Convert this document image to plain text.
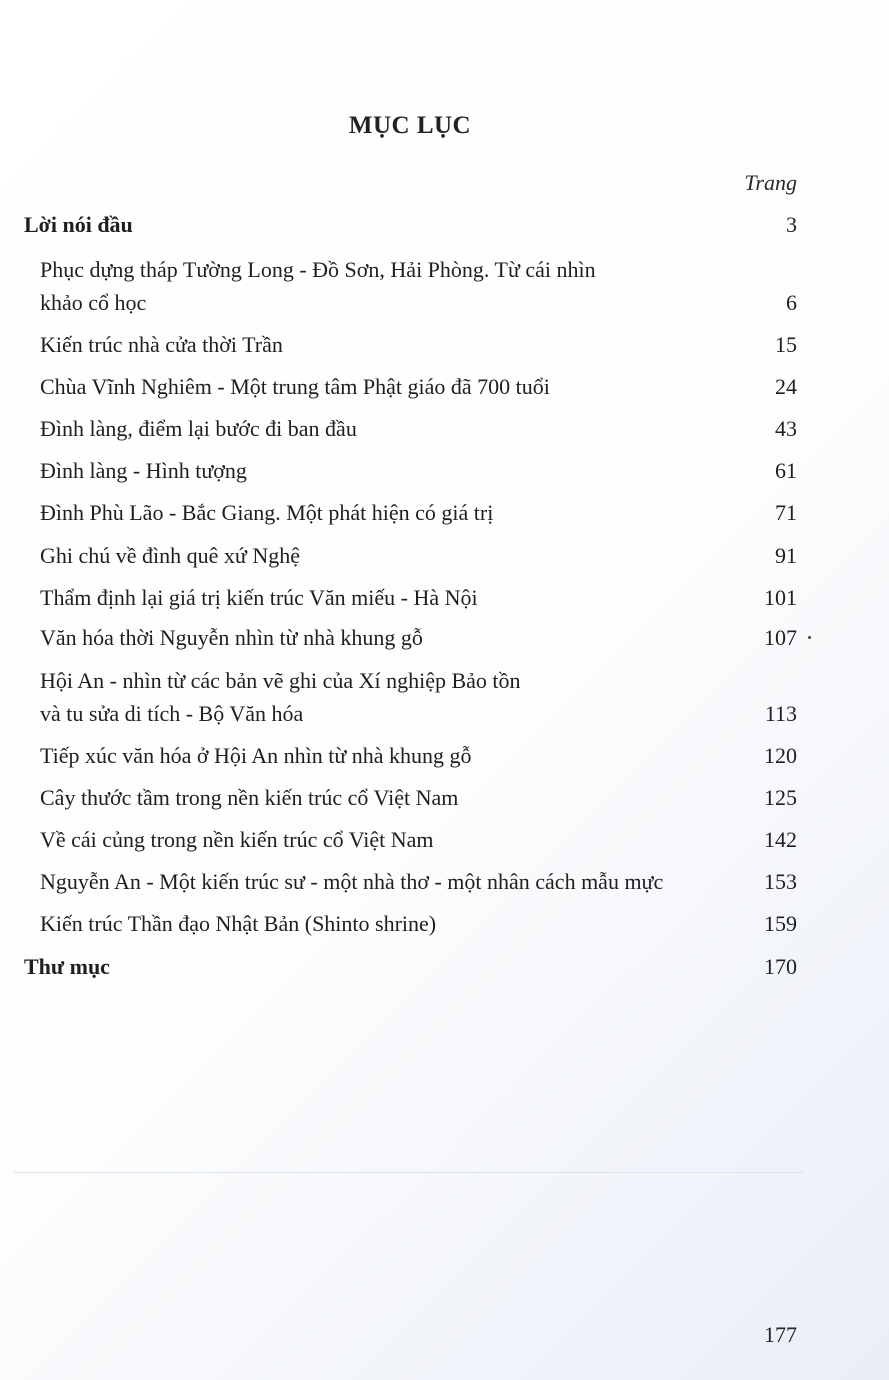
MỤC LỤC
Trang
Lời nói đầu	3
Phục dựng tháp Tường Long - Đồ Sơn, Hải Phòng. Từ cái nhìn
khảo cổ học	6
Kiến trúc nhà cửa thời Trần	15
Chùa Vĩnh Nghiêm - Một trung tâm Phật giáo đã 700 tuổi	24
Đình làng, điểm lại bước đi ban đầu	43
Đình làng - Hình tượng	61
Đình Phù Lão - Bắc Giang. Một phát hiện có giá trị	71
Ghi chú về đình quê xứ Nghệ	91
Thẩm định lại giá trị kiến trúc Văn miếu - Hà Nội	101
Văn hóa thời Nguyễn nhìn từ nhà khung gỗ	107
Hội An - nhìn từ các bản vẽ ghi của Xí nghiệp Bảo tồn
và tu sửa di tích - Bộ Văn hóa	113
Tiếp xúc văn hóa ở Hội An nhìn từ nhà khung gỗ	120
Cây thước tầm trong nền kiến trúc cổ Việt Nam	125
Về cái củng trong nền kiến trúc cổ Việt Nam	142
Nguyễn An - Một kiến trúc sư - một nhà thơ - một nhân cách mẫu mực	153
Kiến trúc Thần đạo Nhật Bản (Shinto shrine)	159
Thư mục	170
177
